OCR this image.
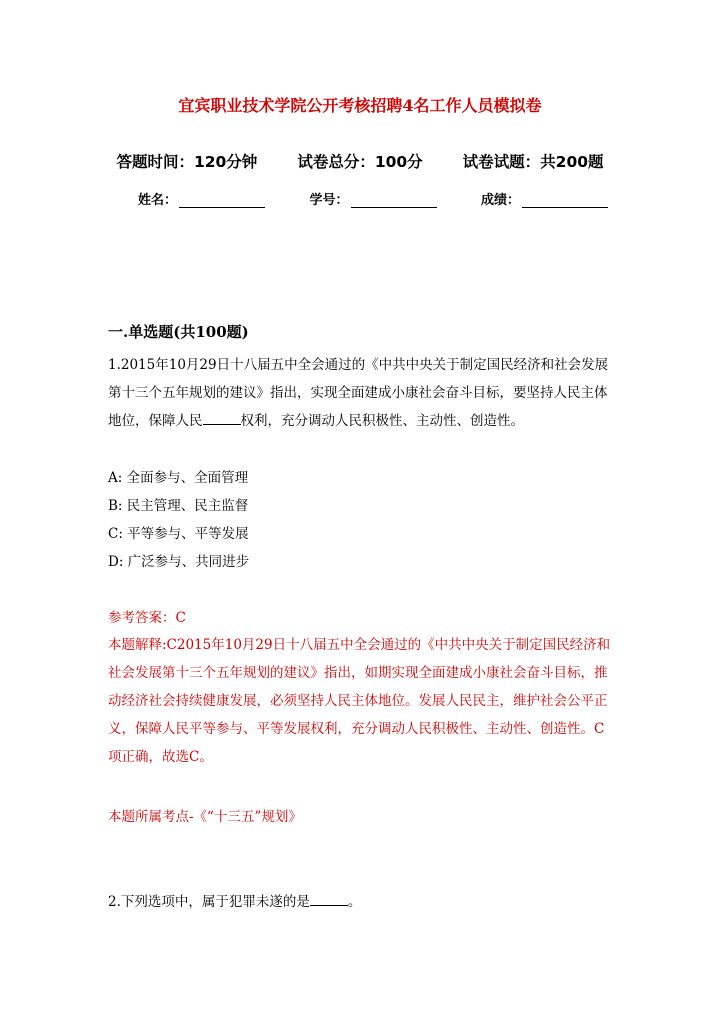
宜宾职业技术学院公开考核招聘4名工作人员模拟卷
答题时间：120分钟	试卷总分：100分	试卷试题：共200题
姓名：	学号：	成绩：
一.单选题(共100题)
1.2015年10月29日十八届五中全会通过的《中共中央关于制定国民经济和社会发展第十三个五年规划的建议》指出，实现全面建成小康社会奋斗目标，要坚持人民主体地位，保障人民	权利，充分调动人民积极性、主动性、创造性。
A: 全面参与、全面管理
B: 民主管理、民主监督
C: 平等参与、平等发展
D: 广泛参与、共同进步
参考答案：C
本题解释:C2015年10月29日十八届五中全会通过的《中共中央关于制定国民经济和社会发展第十三个五年规划的建议》指出，如期实现全面建成小康社会奋斗目标，推动经济社会持续健康发展，必须坚持人民主体地位。发展人民民主，维护社会公平正义，保障人民平等参与、平等发展权利，充分调动人民积极性、主动性、创造性。C项正确，故选C。
本题所属考点-《“十三五”规划》
2.下列选项中，属于犯罪未遂的是	。
